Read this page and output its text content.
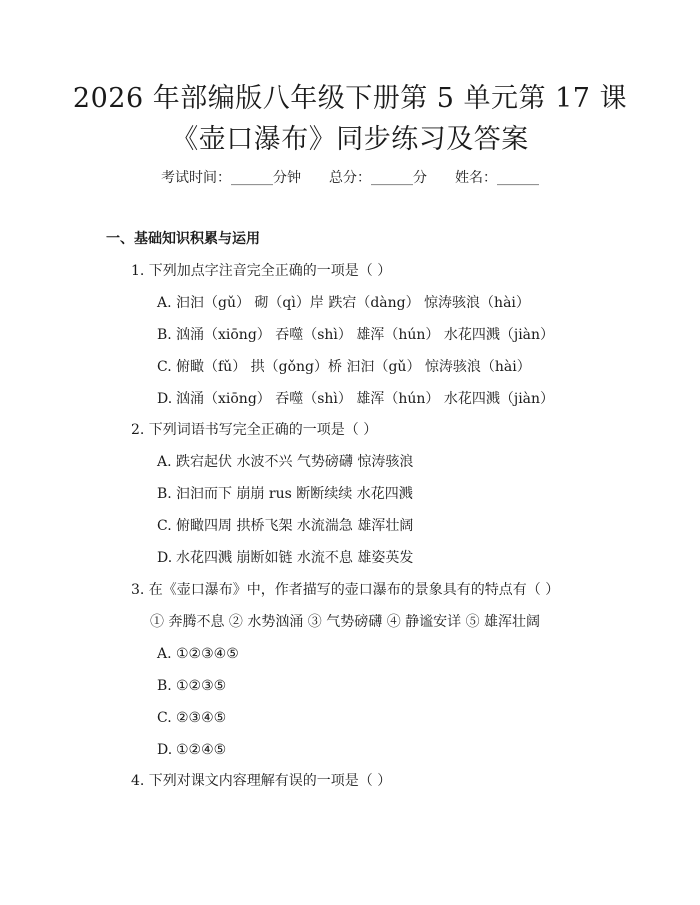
2026 年部编版八年级下册第 5 单元第 17 课
《壶口瀑布》同步练习及答案
考试时间：______分钟 总分：______分 姓名：______
一、基础知识积累与运用
1. 下列加点字注音完全正确的一项是（ ）
A. 汩汩（gǔ） 砌（qì）岸 跌宕（dàng） 惊涛骇浪（hài）
B. 汹涌（xiōng） 吞噬（shì） 雄浑（hún） 水花四溅（jiàn）
C. 俯瞰（fǔ） 拱（gǒng）桥 汩汩（gǔ） 惊涛骇浪（hài）
D. 汹涌（xiōng） 吞噬（shì） 雄浑（hún） 水花四溅（jiàn）
2. 下列词语书写完全正确的一项是（ ）
A. 跌宕起伏 水波不兴 气势磅礴 惊涛骇浪
B. 汩汩而下 崩崩 rus 断断续续 水花四溅
C. 俯瞰四周 拱桥飞架 水流湍急 雄浑壮阔
D. 水花四溅 崩断如链 水流不息 雄姿英发
3. 在《壶口瀑布》中，作者描写的壶口瀑布的景象具有的特点有（ ）
① 奔腾不息 ② 水势汹涌 ③ 气势磅礴 ④ 静谧安详 ⑤ 雄浑壮阔
A. ①②③④⑤
B. ①②③⑤
C. ②③④⑤
D. ①②④⑤
4. 下列对课文内容理解有误的一项是（ ）
